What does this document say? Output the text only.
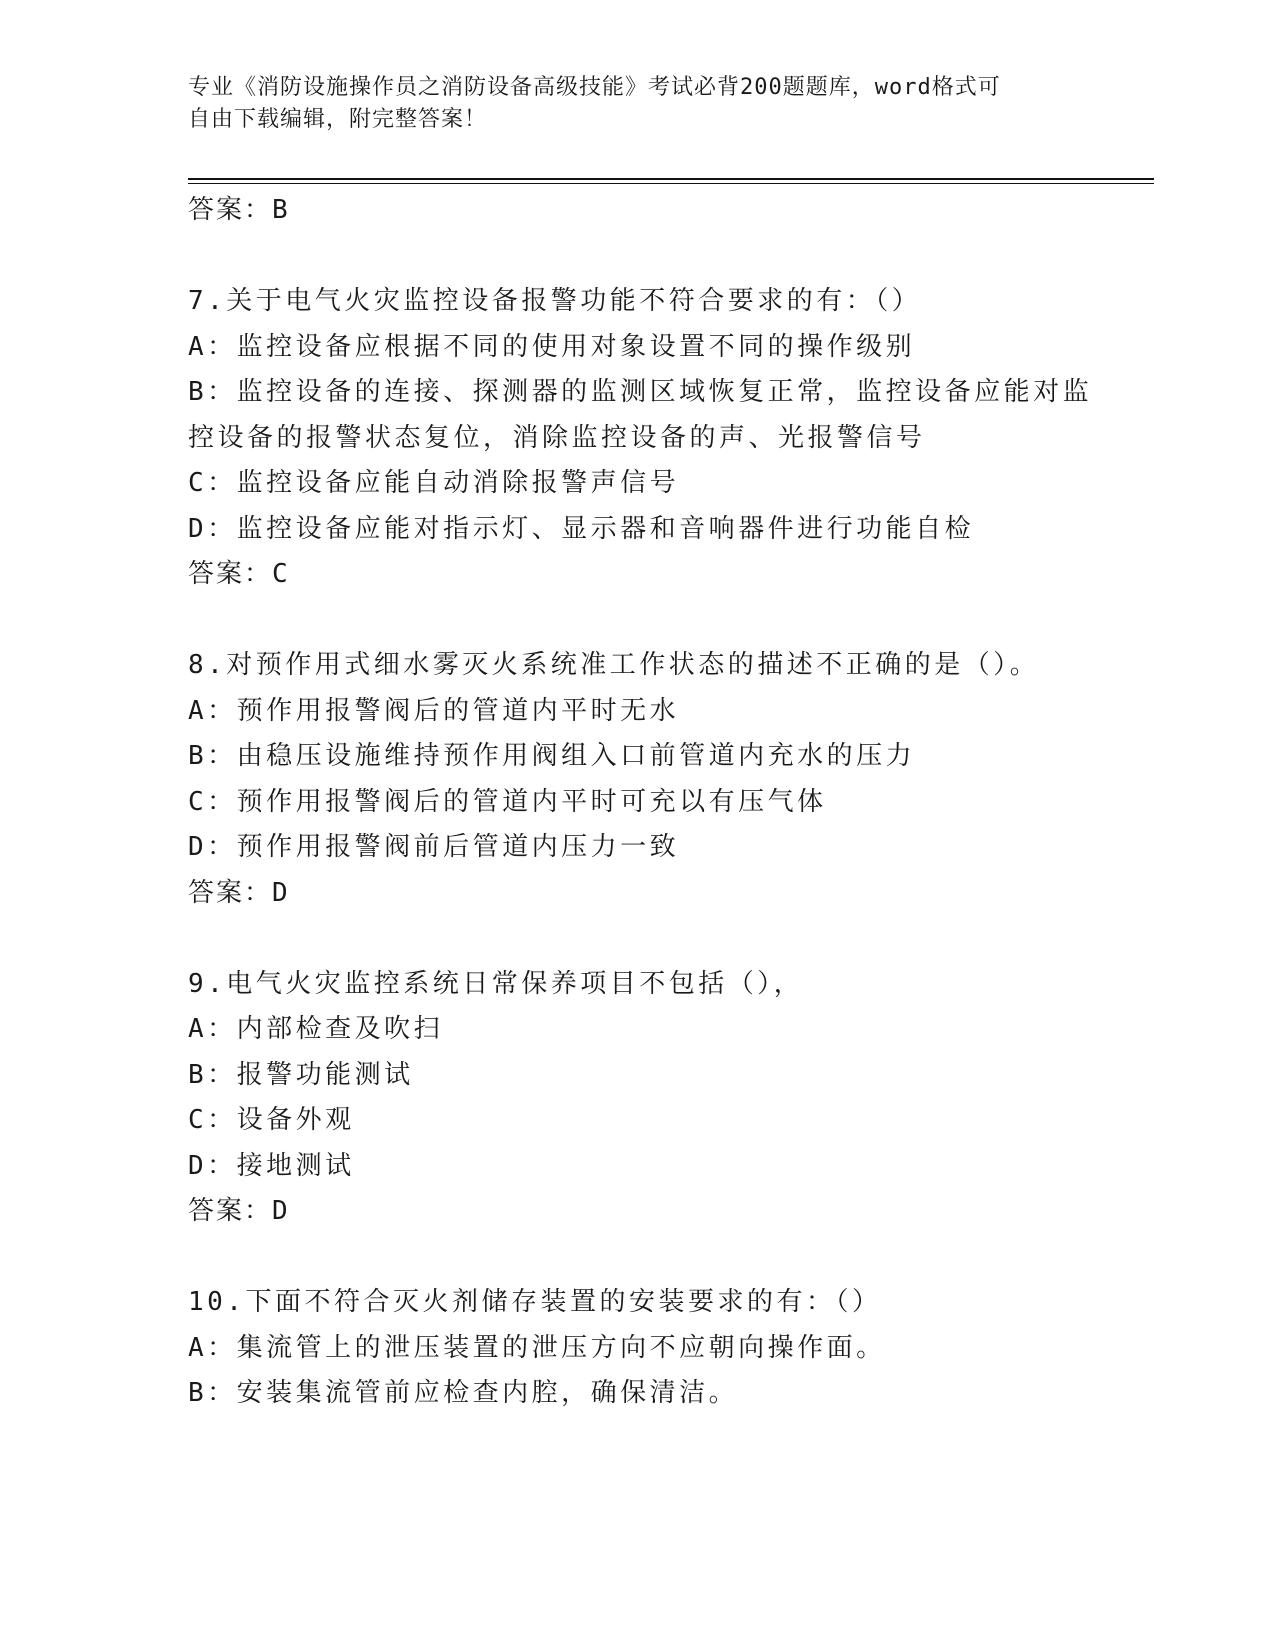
专业《消防设施操作员之消防设备高级技能》考试必背200题题库，word格式可
自由下载编辑，附完整答案！
答案：B
7.关于电气火灾监控设备报警功能不符合要求的有：（）
A：监控设备应根据不同的使用对象设置不同的操作级别
B：监控设备的连接、探测器的监测区域恢复正常，监控设备应能对监
控设备的报警状态复位，消除监控设备的声、光报警信号
C：监控设备应能自动消除报警声信号
D：监控设备应能对指示灯、显示器和音响器件进行功能自检
答案：C
8.对预作用式细水雾灭火系统准工作状态的描述不正确的是（）。
A：预作用报警阀后的管道内平时无水
B：由稳压设施维持预作用阀组入口前管道内充水的压力
C：预作用报警阀后的管道内平时可充以有压气体
D：预作用报警阀前后管道内压力一致
答案：D
9.电气火灾监控系统日常保养项目不包括（），
A：内部检查及吹扫
B：报警功能测试
C：设备外观
D：接地测试
答案：D
10.下面不符合灭火剂储存装置的安装要求的有：（）
A：集流管上的泄压装置的泄压方向不应朝向操作面。
B：安装集流管前应检查内腔，确保清洁。
